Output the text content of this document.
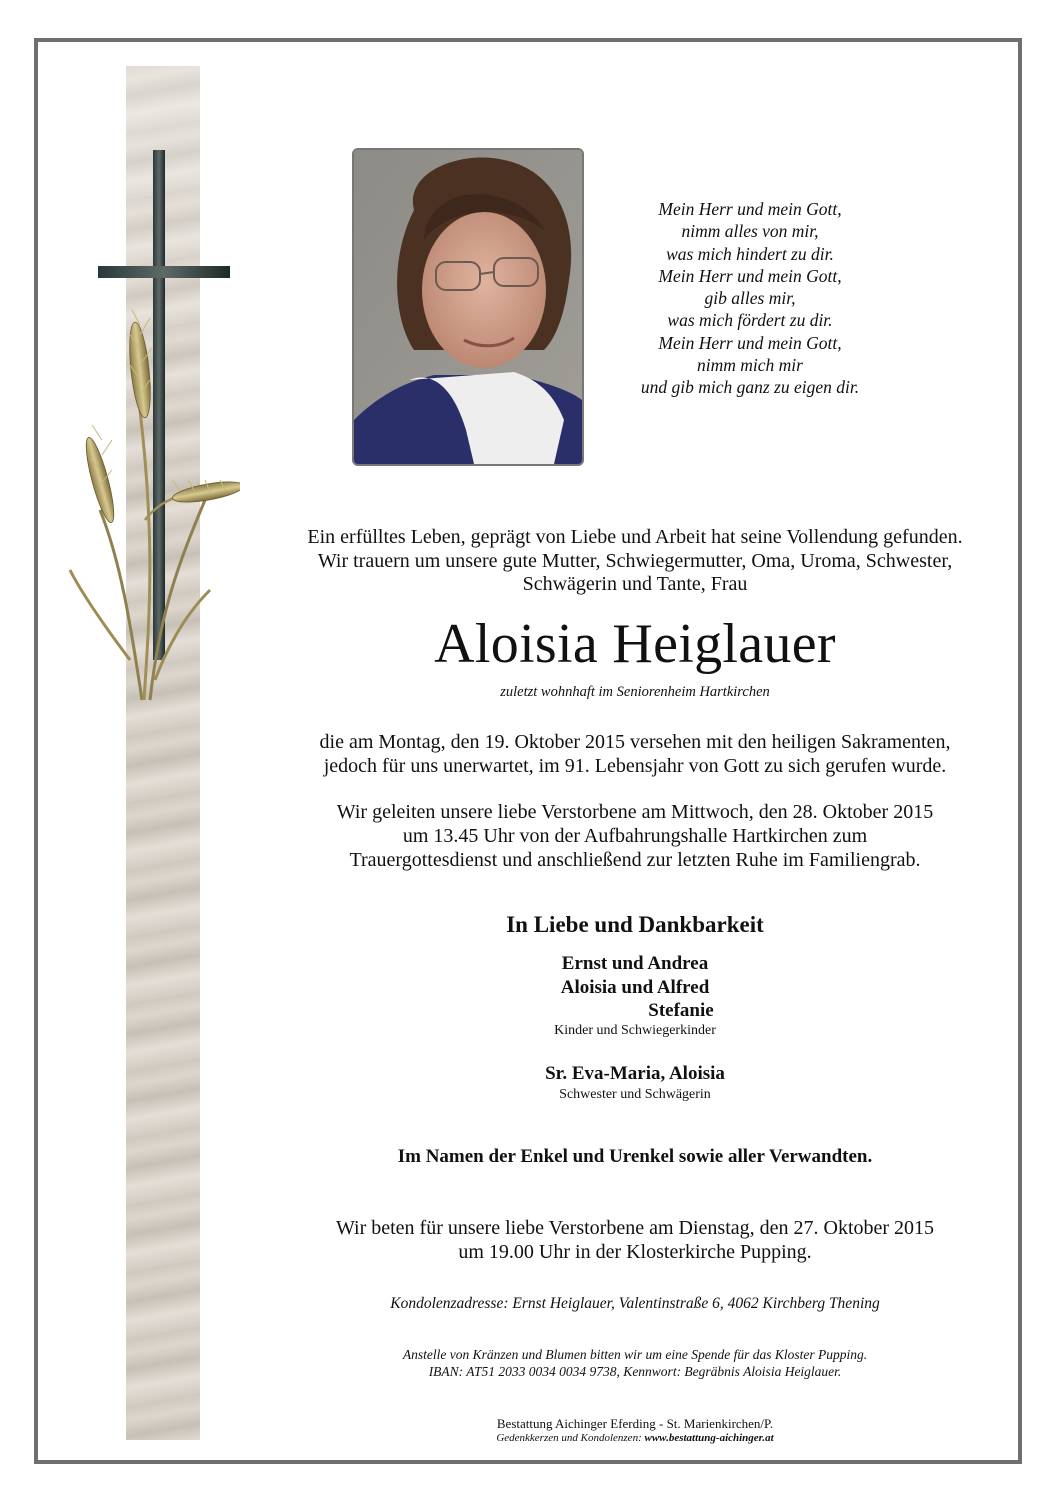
Mein Herr und mein Gott,
nimm alles von mir,
was mich hindert zu dir.
Mein Herr und mein Gott,
gib alles mir,
was mich fördert zu dir.
Mein Herr und mein Gott,
nimm mich mir
und gib mich ganz zu eigen dir.
Ein erfülltes Leben, geprägt von Liebe und Arbeit hat seine Vollendung gefunden.
Wir trauern um unsere gute Mutter, Schwiegermutter, Oma, Uroma, Schwester,
Schwägerin und Tante, Frau
Aloisia Heiglauer
zuletzt wohnhaft im Seniorenheim Hartkirchen
die am Montag, den 19. Oktober 2015 versehen mit den heiligen Sakramenten,
jedoch für uns unerwartet, im 91. Lebensjahr von Gott zu sich gerufen wurde.
Wir geleiten unsere liebe Verstorbene am Mittwoch, den 28. Oktober 2015
um 13.45 Uhr von der Aufbahrungshalle Hartkirchen zum
Trauergottesdienst und anschließend zur letzten Ruhe im Familiengrab.
In Liebe und Dankbarkeit
Ernst und Andrea
Aloisia und Alfred
Stefanie
Kinder und Schwiegerkinder
Sr. Eva-Maria, Aloisia
Schwester und Schwägerin
Im Namen der Enkel und Urenkel sowie aller Verwandten.
Wir beten für unsere liebe Verstorbene am Dienstag, den 27. Oktober 2015
um 19.00 Uhr in der Klosterkirche Pupping.
Kondolenzadresse: Ernst Heiglauer, Valentinstraße 6, 4062 Kirchberg Thening
Anstelle von Kränzen und Blumen bitten wir um eine Spende für das Kloster Pupping.
IBAN: AT51 2033 0034 0034 9738, Kennwort: Begräbnis Aloisia Heiglauer.
Bestattung Aichinger Eferding - St. Marienkirchen/P.
Gedenkkerzen und Kondolenzen: www.bestattung-aichinger.at
